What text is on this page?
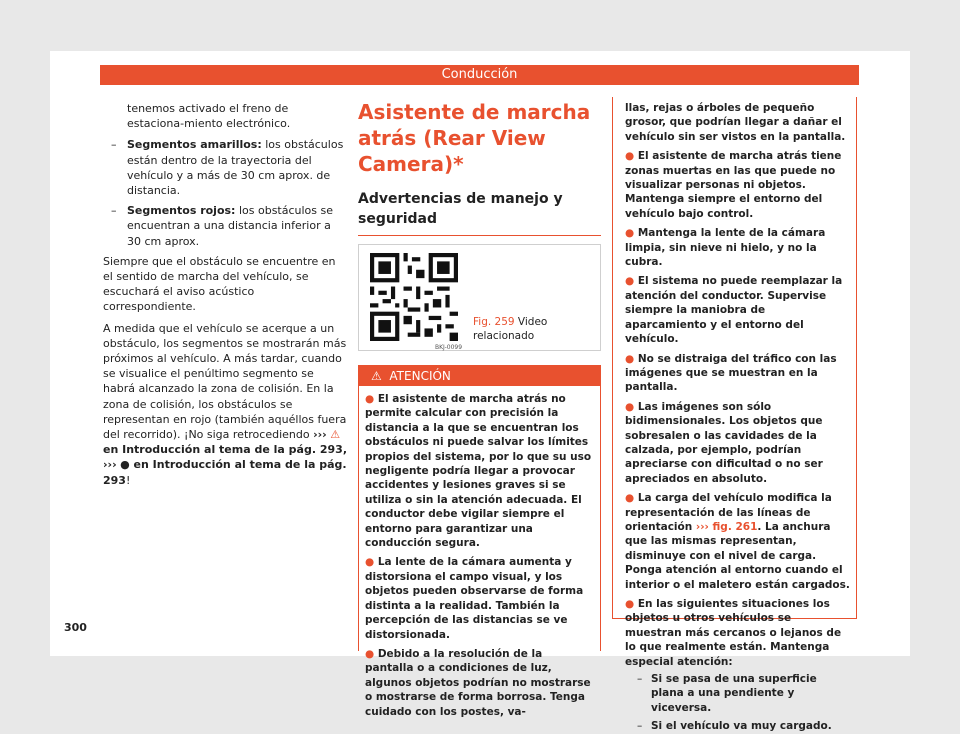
Conducción

tenemos activado el freno de estaciona-miento electrónico.

– Segmentos amarillos: los obstáculos están dentro de la trayectoria del vehículo y a más de 30 cm aprox. de distancia.
– Segmentos rojos: los obstáculos se encuentran a una distancia inferior a 30 cm aprox.

Siempre que el obstáculo se encuentre en el sentido de marcha del vehículo, se escuchará el aviso acústico correspondiente.

A medida que el vehículo se acerque a un obstáculo, los segmentos se mostrarán más próximos al vehículo. A más tardar, cuando se visualice el penúltimo segmento se habrá alcanzado la zona de colisión. En la zona de colisión, los obstáculos se representan en rojo (también aquéllos fuera del recorrido). ¡No siga retrocediendo ››› ⚠ en Introducción al tema de la pág. 293, ››› ● en Introducción al tema de la pág. 293!

Asistente de marcha atrás (Rear View Camera)*
Advertencias de manejo y seguridad
BKJ-0099
Fig. 259 Video relacionado
⚠ ATENCIÓN

● El asistente de marcha atrás no permite calcular con precisión la distancia a la que se encuentran los obstáculos ni puede salvar los límites propios del sistema, por lo que su uso negligente podría llegar a provocar accidentes y lesiones graves si se utiliza o sin la atención adecuada. El conductor debe vigilar siempre el entorno para garantizar una conducción segura.

● La lente de la cámara aumenta y distorsiona el campo visual, y los objetos pueden observarse de forma distinta a la realidad. También la percepción de las distancias se ve distorsionada.

● Debido a la resolución de la pantalla o a condiciones de luz, algunos objetos podrían no mostrarse o mostrarse de forma borrosa. Tenga cuidado con los postes, va-

llas, rejas o árboles de pequeño grosor, que podrían llegar a dañar el vehículo sin ser vistos en la pantalla.

● El asistente de marcha atrás tiene zonas muertas en las que puede no visualizar personas ni objetos. Mantenga siempre el entorno del vehículo bajo control.

● Mantenga la lente de la cámara limpia, sin nieve ni hielo, y no la cubra.

● El sistema no puede reemplazar la atención del conductor. Supervise siempre la maniobra de aparcamiento y el entorno del vehículo.

● No se distraiga del tráfico con las imágenes que se muestran en la pantalla.

● Las imágenes son sólo bidimensionales. Los objetos que sobresalen o las cavidades de la calzada, por ejemplo, podrían apreciarse con dificultad o no ser apreciados en absoluto.

● La carga del vehículo modifica la representación de las líneas de orientación ››› fig. 261. La anchura que las mismas representan, disminuye con el nivel de carga. Ponga atención al entorno cuando el interior o el maletero están cargados.

● En las siguientes situaciones los objetos u otros vehículos se muestran más cercanos o lejanos de lo que realmente están. Mantenga especial atención:

– Si se pasa de una superficie plana a una pendiente y viceversa.
– Si el vehículo va muy cargado.
300
